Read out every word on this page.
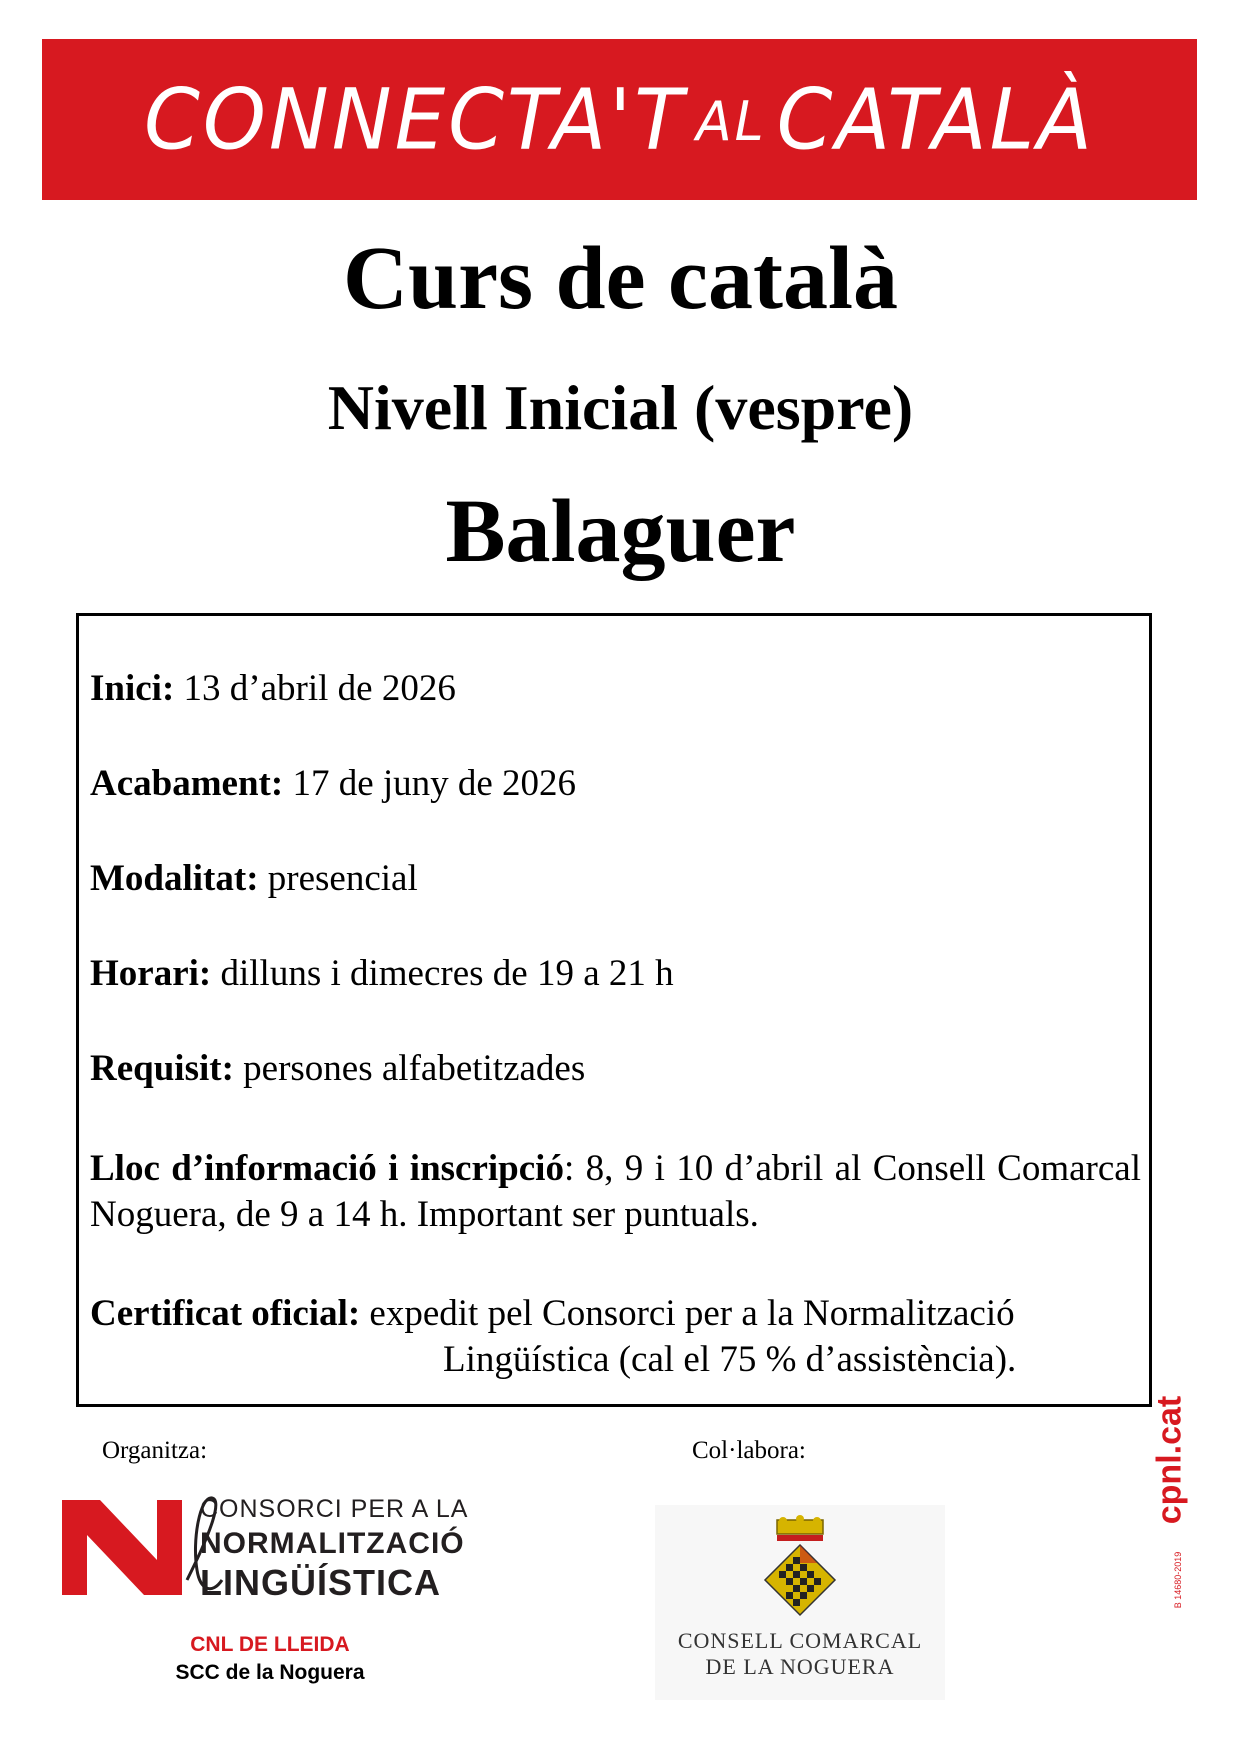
CONNECTA'T AL CATALÀ
Curs de català
Nivell Inicial (vespre)
Balaguer
Inici: 13 d’abril de 2026
Acabament: 17 de juny de 2026
Modalitat: presencial
Horari: dilluns i dimecres de 19 a 21 h
Requisit: persones alfabetitzades
Lloc d’informació i inscripció: 8, 9 i 10 d’abril al Consell Comarcal Noguera, de 9 a 14 h. Important ser puntuals.
Certificat oficial: expedit pel Consorci per a la Normalització
Lingüística (cal el 75 % d’assistència).
Organitza:	Col·labora:
CONSORCI PER A LA
NORMALITZACIÓ
LINGÜÍSTICA
CNL DE LLEIDA
SCC de la Noguera
CONSELL COMARCAL
DE LA NOGUERA
cpnl.cat
B 14680-2019
